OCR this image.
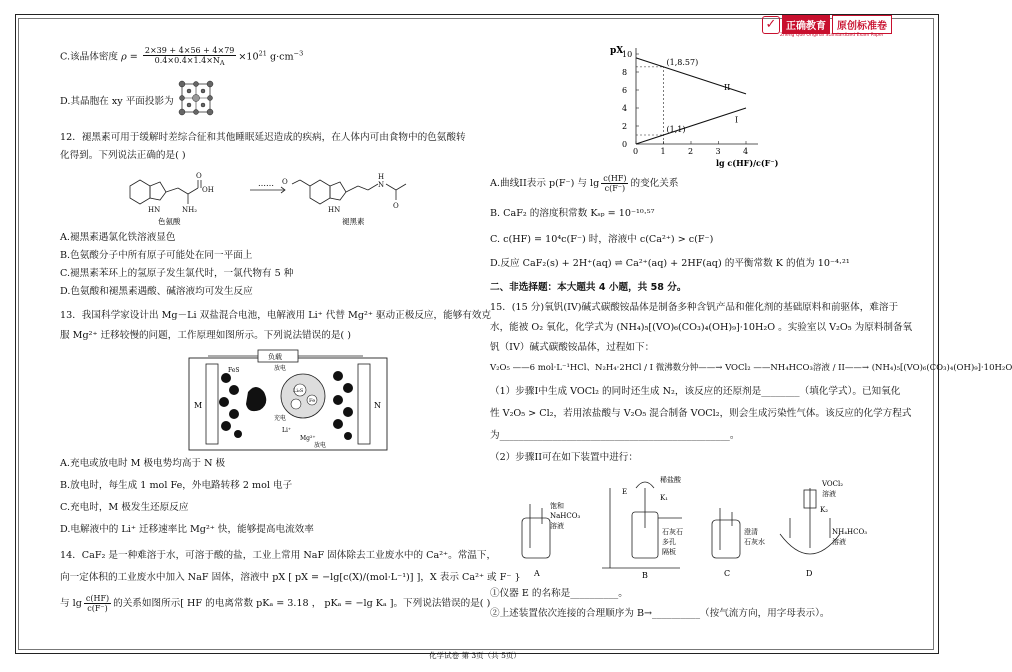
✓ 正确教育	原创标准卷
Zheng Que Original Standardized Exam Paper
C.该晶体密度 $\rho = \frac{2\times 39 + 4\times 56 + 4\times 79}{0.4\times 0.4\times 1.4\times N_A} \times 10^{21}$ $g\cdot cm^{-3}$
D.其晶胞在 xy 平面投影为
12．褪黑素可用于缓解时差综合征和其他睡眠延迟造成的疾病，在人体内可由食物中的色氨酸转
化得到。下列说法正确的是( )
HN
OH
O
NH₂
O
HN
N
H
O
色氨酸
……
褪黑素
A.褪黑素遇氯化铁溶液显色
B.色氨酸分子中所有原子可能处在同一平面上
C.褪黑素苯环上的氢原子发生氯代时，一氯代物有 5 种
D.色氨酸和褪黑素遇酸、碱溶液均可发生反应
13．我国科学家设计出 Mg－Li 双盐混合电池，电解液用 Li⁺ 代替 Mg²⁺ 驱动正极反应，能够有效克
服 Mg²⁺ 迁移较慢的问题，工作原理如图所示。下列说法错误的是( )
负载
M	N
Li₂S
Fe
FeS	放电
充电
Li⁺
Mg²⁺
放电
A.充电或放电时 M 极电势均高于 N 极
B.放电时，每生成 1 mol Fe，外电路转移 2 mol 电子
C.充电时，M 极发生还原反应
D.电解液中的 Li⁺ 迁移速率比 Mg²⁺ 快，能够提高电流效率
14．CaF₂ 是一种难溶于水，可溶于酸的盐，工业上常用 NaF 固体除去工业废水中的 Ca²⁺。常温下，
向一定体积的工业废水中加入 NaF 固体，溶液中 pX [ pX = −lg[c(X)/(mol·L⁻¹)] ]，X 表示 Ca²⁺ 或 F⁻ }
与 $\lg \frac{c(HF)}{c(F^-)}$ 的关系如图所示[ HF 的电离常数 pKₐ = 3.18 ， pKₐ = −lg Kₐ ]。下列说法错误的是( )
0	1	2	3	4
0
2
4
6
8
10
pX
lg c(HF)/c(F⁻)
II
I
(1,8.57)
(1,1)
A.曲线II表示 p(F⁻) 与 $\lg \frac{c(HF)}{c(F^-)}$ 的变化关系
B. CaF₂ 的溶度积常数 Kₛₚ = 10⁻¹⁰·⁵⁷
C. c(HF) = 10⁴c(F⁻) 时，溶液中 c(Ca²⁺) > c(F⁻)
D.反应 CaF₂(s) + 2H⁺(aq) ⇌ Ca²⁺(aq) + 2HF(aq) 的平衡常数 K 的值为 10⁻⁴·²¹
二、非选择题：本大题共 4 小题，共 58 分。
15．(15 分)氧钒(IV)碱式碳酸铵晶体是制备多种含钒产品和催化剂的基础原料和前驱体，难溶于
水，能被 O₂ 氧化，化学式为 (NH₄)₅[(VO)₆(CO₃)₄(OH)₉]·10H₂O 。实验室以 V₂O₅ 为原料制备氧
钒（IV）碱式碳酸铵晶体，过程如下：
V₂O₅ ——6 mol·L⁻¹HCl、N₂H₄·2HCl / I 微沸数分钟——→ VOCl₂ ——NH₄HCO₃溶液 / II——→ (NH₄)₅[(VO)₆(CO₃)₄(OH)₉]·10H₂O
（1）步骤I中生成 VOCl₂ 的同时还生成 N₂，该反应的还原剂是________（填化学式）。已知氧化
性 V₂O₅ > Cl₂，若用浓盐酸与 V₂O₅ 混合制备 VOCl₂，则会生成污染性气体。该反应的化学方程式
为________________________________________________。
（2）步骤II可在如下装置中进行：
饱和
NaHCO₃
溶液
稀盐酸
E
K₁
石灰石
多孔
隔板
澄清
石灰水
VOCl₂
溶液
K₂
NH₄HCO₃
溶液
A	B	C	D
①仪器 E 的名称是__________。
②上述装置依次连接的合理顺序为 B→__________（按气流方向，用字母表示）。
化学试卷 第 3页（共 5页）
